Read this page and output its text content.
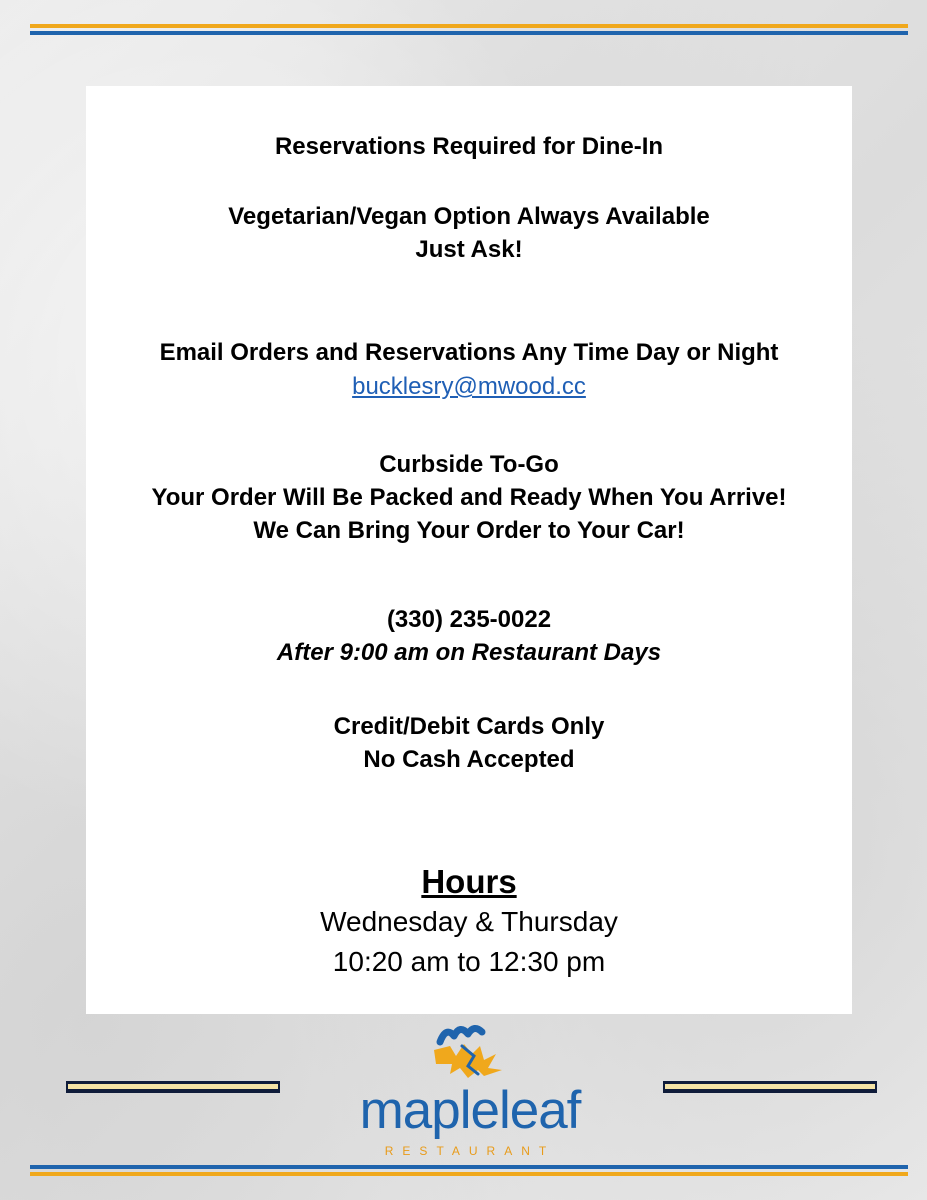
Reservations Required for Dine-In
Vegetarian/Vegan Option Always Available
Just Ask!
Email Orders and Reservations Any Time Day or Night
bucklesry@mwood.cc
Curbside To-Go
Your Order Will Be Packed and Ready When You Arrive!
We Can Bring Your Order to Your Car!
(330) 235-0022
After 9:00 am on Restaurant Days
Credit/Debit Cards Only
No Cash Accepted
Hours
Wednesday & Thursday
10:20 am to 12:30 pm
mapleleaf
RESTAURANT
